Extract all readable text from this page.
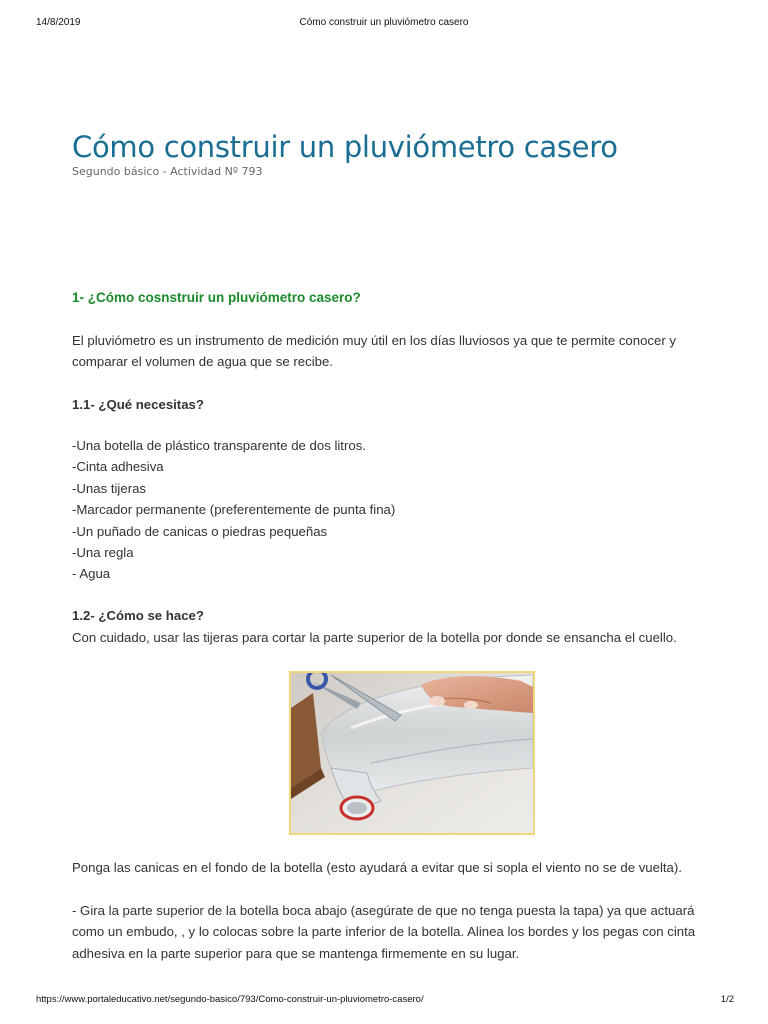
14/8/2019	Cómo construir un pluviómetro casero
Cómo construir un pluviómetro casero
Segundo básico - Actividad Nº 793
1- ¿Cómo cosnstruir un pluviómetro casero?
El pluviómetro es un instrumento de medición muy útil en los días lluviosos ya que te permite conocer y
comparar el volumen de agua que se recibe.
1.1- ¿Qué necesitas?
-Una botella de plástico transparente de dos litros.
-Cinta adhesiva
-Unas tijeras
-Marcador permanente (preferentemente de punta fina)
-Un puñado de canicas o piedras pequeñas
-Una regla
- Agua
1.2- ¿Cómo se hace?
Con cuidado, usar las tijeras para cortar la parte superior de la botella por donde se ensancha el cuello.
Ponga las canicas en el fondo de la botella (esto ayudará a evitar que si sopla el viento no se de vuelta).
- Gira la parte superior de la botella boca abajo (asegúrate de que no tenga puesta la tapa) ya que actuará
como un embudo, , y lo colocas sobre la parte inferior de la botella. Alinea los bordes y los pegas con cinta
adhesiva en la parte superior para que se mantenga firmemente en su lugar.
https://www.portaleducativo.net/segundo-basico/793/Como-construir-un-pluviometro-casero/	1/2
